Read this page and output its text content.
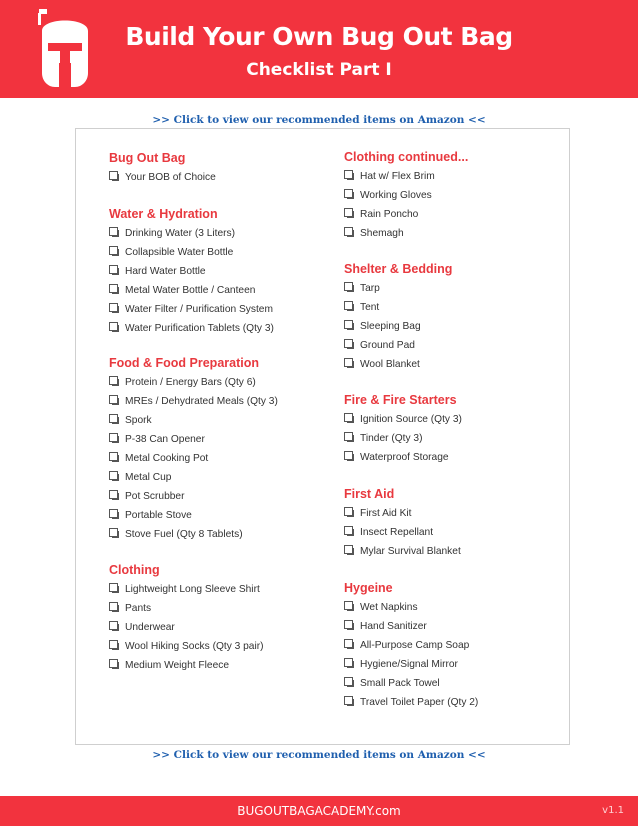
Build Your Own Bug Out Bag
Checklist Part I
>> Click to view our recommended items on Amazon <<
Bug Out Bag
Your BOB of Choice
Water & Hydration
Drinking Water (3 Liters)
Collapsible Water Bottle
Hard Water Bottle
Metal Water Bottle / Canteen
Water Filter / Purification System
Water Purification Tablets (Qty 3)
Food & Food Preparation
Protein / Energy Bars (Qty 6)
MREs / Dehydrated Meals (Qty 3)
Spork
P-38 Can Opener
Metal Cooking Pot
Metal Cup
Pot Scrubber
Portable Stove
Stove Fuel (Qty 8 Tablets)
Clothing
Lightweight Long Sleeve Shirt
Pants
Underwear
Wool Hiking Socks (Qty 3 pair)
Medium Weight Fleece
Clothing continued...
Hat w/ Flex Brim
Working Gloves
Rain Poncho
Shemagh
Shelter & Bedding
Tarp
Tent
Sleeping Bag
Ground Pad
Wool Blanket
Fire & Fire Starters
Ignition Source (Qty 3)
Tinder (Qty 3)
Waterproof Storage
First Aid
First Aid Kit
Insect Repellant
Mylar Survival Blanket
Hygeine
Wet Napkins
Hand Sanitizer
All-Purpose Camp Soap
Hygiene/Signal Mirror
Small Pack Towel
Travel Toilet Paper (Qty 2)
>> Click to view our recommended items on Amazon <<
BUGOUTBAGACADEMY.com	v1.1
